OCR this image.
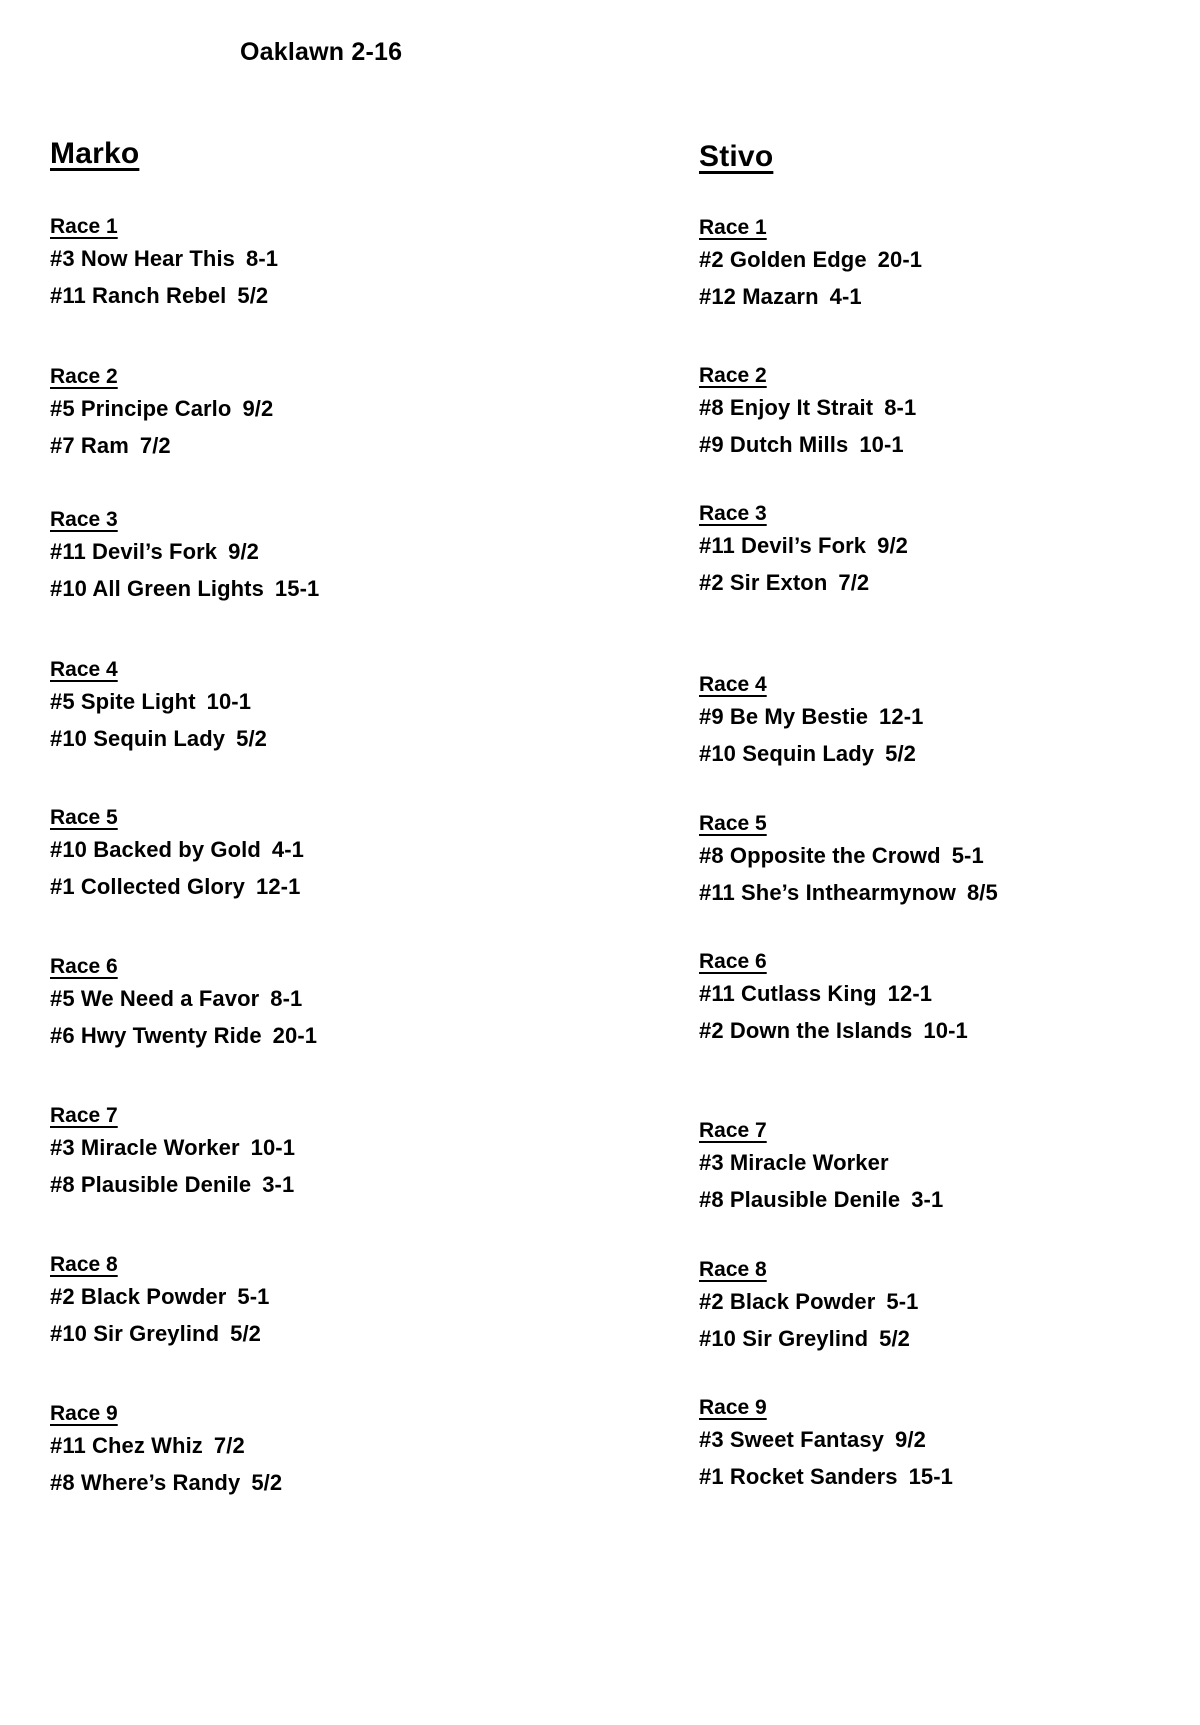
Oaklawn 2-16
Marko
Race 1
#3 Now Hear This 8-1
#11 Ranch Rebel 5/2
Race 2
#5 Principe Carlo 9/2
#7 Ram 7/2
Race 3
#11 Devil’s Fork 9/2
#10 All Green Lights 15-1
Race 4
#5 Spite Light 10-1
#10 Sequin Lady 5/2
Race 5
#10 Backed by Gold 4-1
#1 Collected Glory 12-1
Race 6
#5 We Need a Favor 8-1
#6 Hwy Twenty Ride 20-1
Race 7
#3 Miracle Worker 10-1
#8 Plausible Denile 3-1
Race 8
#2 Black Powder 5-1
#10 Sir Greylind 5/2
Race 9
#11 Chez Whiz 7/2
#8 Where’s Randy 5/2
Stivo
Race 1
#2 Golden Edge 20-1
#12 Mazarn 4-1
Race 2
#8 Enjoy It Strait 8-1
#9 Dutch Mills 10-1
Race 3
#11 Devil’s Fork 9/2
#2 Sir Exton 7/2
Race 4
#9 Be My Bestie 12-1
#10 Sequin Lady 5/2
Race 5
#8 Opposite the Crowd 5-1
#11 She’s Inthearmynow 8/5
Race 6
#11 Cutlass King 12-1
#2 Down the Islands 10-1
Race 7
#3 Miracle Worker
#8 Plausible Denile 3-1
Race 8
#2 Black Powder 5-1
#10 Sir Greylind 5/2
Race 9
#3 Sweet Fantasy 9/2
#1 Rocket Sanders 15-1
